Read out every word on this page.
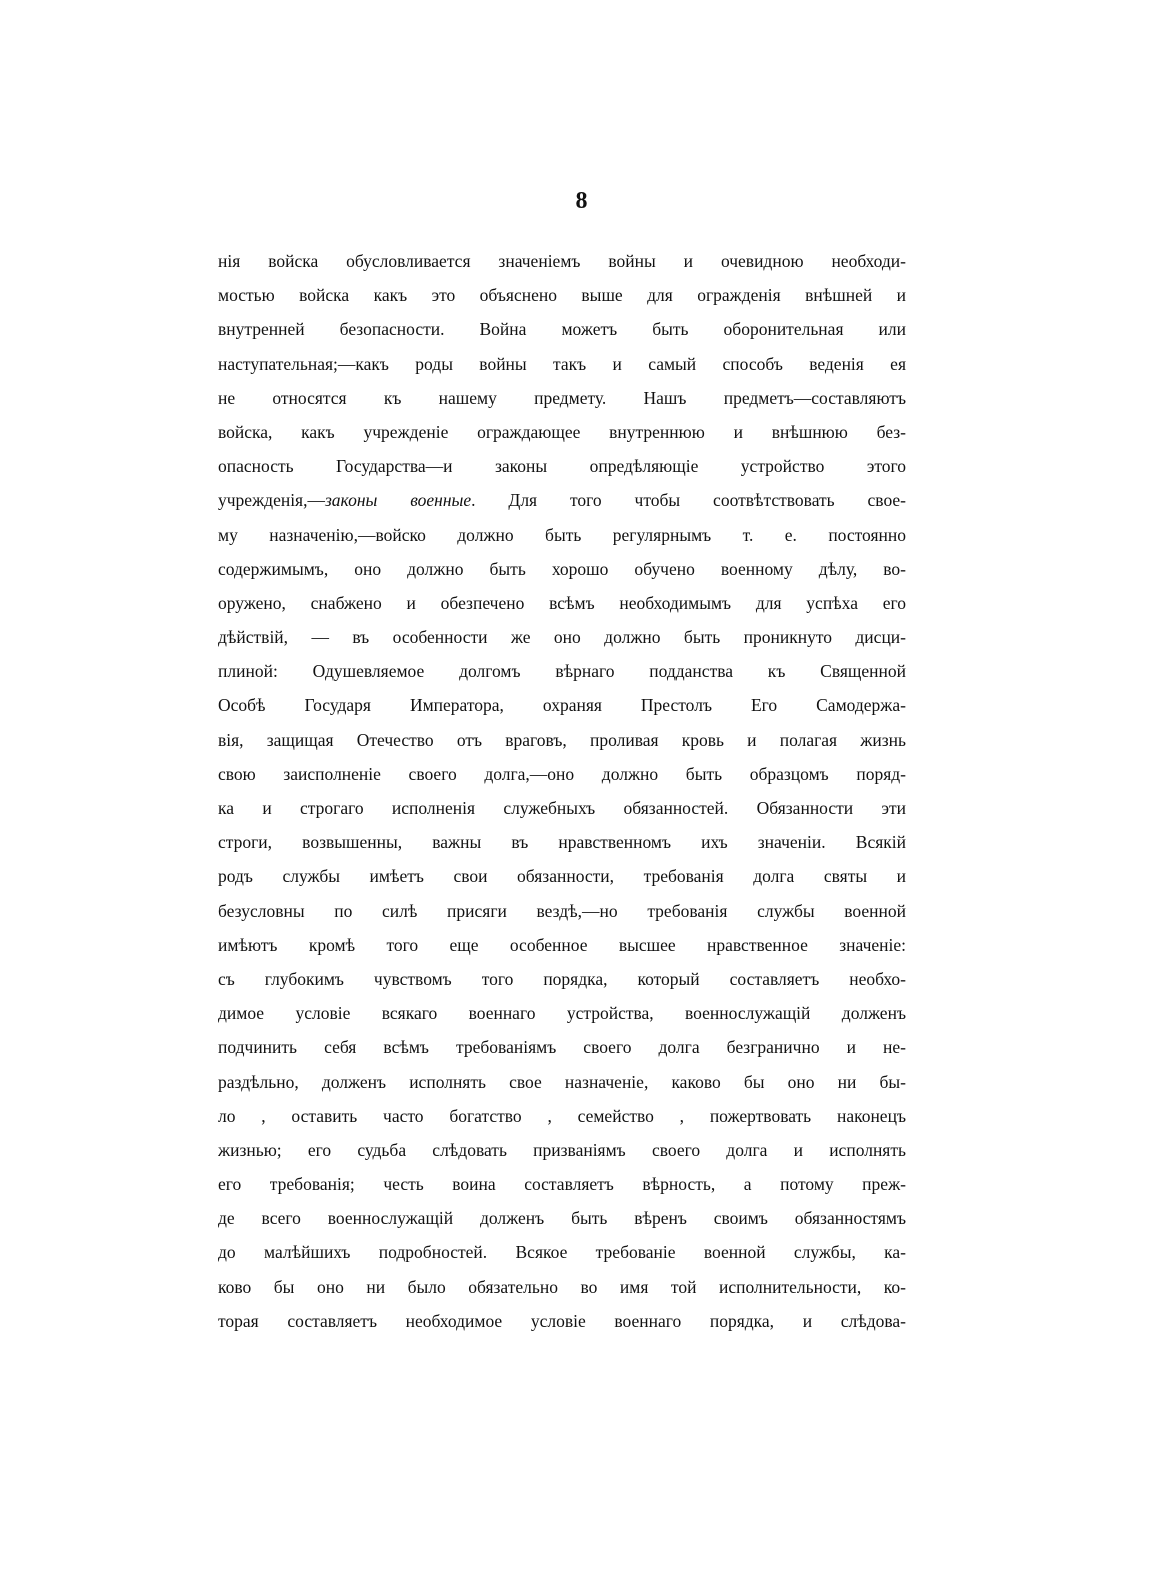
8
нія войска обусловливается значеніемъ войны и очевидною необходи-
мостью войска какъ это объяснено выше для огражденія внѣшней и
внутренней безопасности. Война можетъ быть оборонительная или
наступательная;—какъ роды войны такъ и самый способъ веденія ея
не относятся къ нашему предмету. Нашъ предметъ—составляютъ
войска, какъ учрежденіе ограждающее внутреннюю и внѣшнюю без-
опасность Государства—и законы опредѣляющіе устройство этого
учрежденія,—законы военные. Для того чтобы соотвѣтствовать свое-
му назначенію,—войско должно быть регулярнымъ т. е. постоянно
содержимымъ, оно должно быть хорошо обучено военному дѣлу, во-
оружено, снабжено и обезпечено всѣмъ необходимымъ для успѣха его
дѣйствій, — въ особенности же оно должно быть проникнуто дисци-
плиной: Одушевляемое долгомъ вѣрнаго подданства къ Священной
Особѣ Государя Императора, охраняя Престолъ Его Самодержа-
вія, защищая Отечество отъ враговъ, проливая кровь и полагая жизнь
свою заисполненіе своего долга,—оно должно быть образцомъ поряд-
ка и строгаго исполненія служебныхъ обязанностей. Обязанности эти
строги, возвышенны, важны въ нравственномъ ихъ значеніи. Всякій
родъ службы имѣетъ свои обязанности, требованія долга святы и
безусловны по силѣ присяги вездѣ,—но требованія службы военной
имѣютъ кромѣ того еще особенное высшее нравственное значеніе:
съ глубокимъ чувствомъ того порядка, который составляетъ необхо-
димое условіе всякаго военнаго устройства, военнослужащій долженъ
подчинить себя всѣмъ требованіямъ своего долга безгранично и не-
раздѣльно, долженъ исполнять свое назначеніе, каково бы оно ни бы-
ло , оставить часто богатство , семейство , пожертвовать наконецъ
жизнью; его судьба слѣдовать призваніямъ своего долга и исполнять
его требованія; честь воина составляетъ вѣрность, а потому преж-
де всего военнослужащій долженъ быть вѣренъ своимъ обязанностямъ
до малѣйшихъ подробностей. Всякое требованіе военной службы, ка-
ково бы оно ни было обязательно во имя той исполнительности, ко-
торая составляетъ необходимое условіе военнаго порядка, и слѣдова-
